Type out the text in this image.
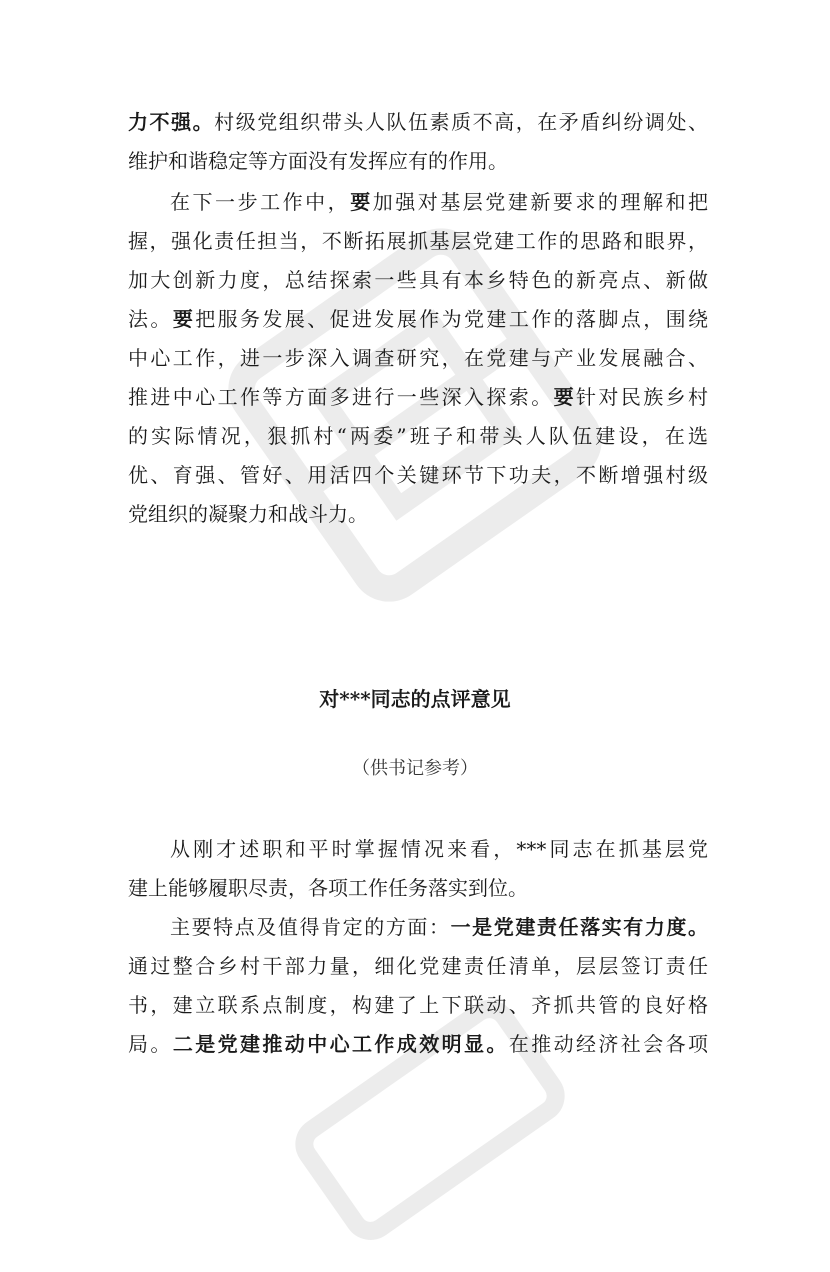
力不强。村级党组织带头人队伍素质不高，在矛盾纠纷调处、
维护和谐稳定等方面没有发挥应有的作用。
在下一步工作中，要加强对基层党建新要求的理解和把
握，强化责任担当，不断拓展抓基层党建工作的思路和眼界，
加大创新力度，总结探索一些具有本乡特色的新亮点、新做
法。要把服务发展、促进发展作为党建工作的落脚点，围绕
中心工作，进一步深入调查研究，在党建与产业发展融合、
推进中心工作等方面多进行一些深入探索。要针对民族乡村
的实际情况，狠抓村“两委”班子和带头人队伍建设，在选
优、育强、管好、用活四个关键环节下功夫，不断增强村级
党组织的凝聚力和战斗力。
对***同志的点评意见
（供书记参考）
从刚才述职和平时掌握情况来看，***同志在抓基层党
建上能够履职尽责，各项工作任务落实到位。
主要特点及值得肯定的方面：一是党建责任落实有力度。
通过整合乡村干部力量，细化党建责任清单，层层签订责任
书，建立联系点制度，构建了上下联动、齐抓共管的良好格
局。二是党建推动中心工作成效明显。在推动经济社会各项
